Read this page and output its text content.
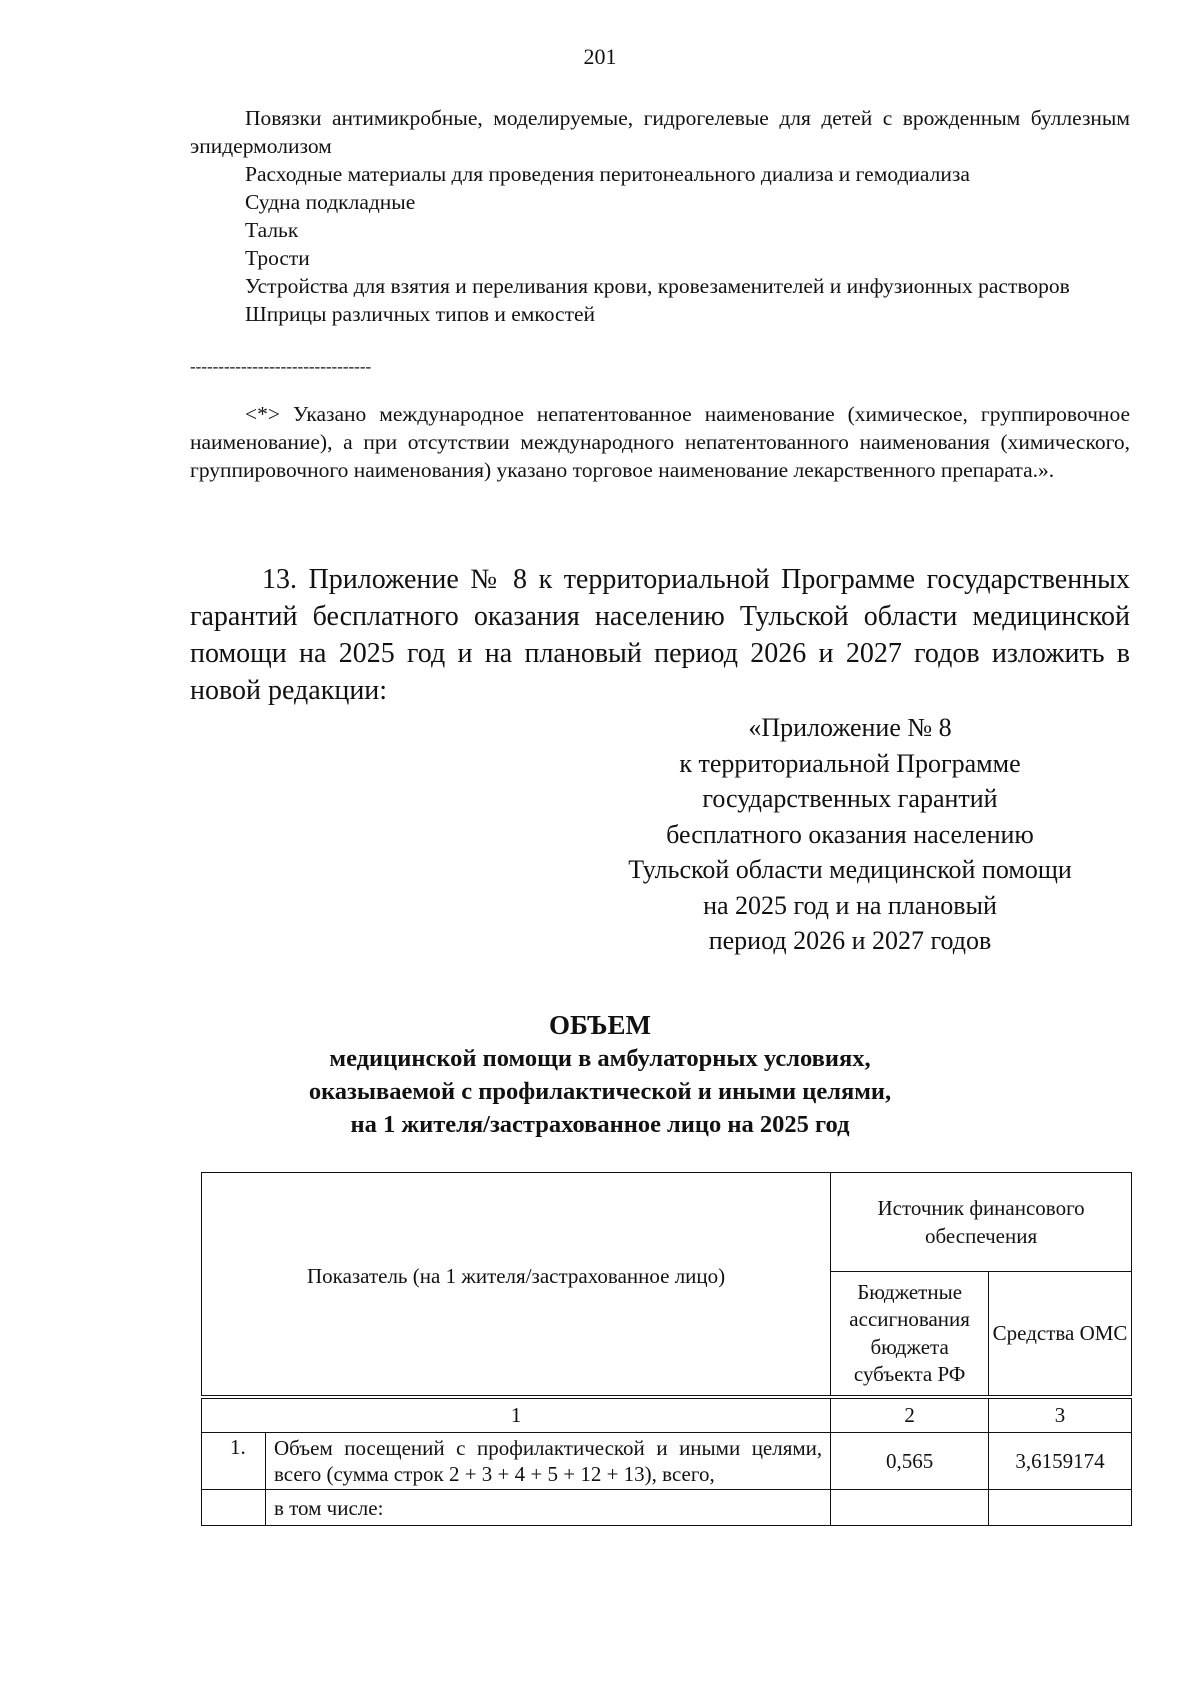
201

Повязки антимикробные, моделируемые, гидрогелевые для детей с врожденным буллезным эпидермолизом

Расходные материалы для проведения перитонеального диализа и гемодиализа

Судна подкладные

Тальк

Трости

Устройства для взятия и переливания крови, кровезаменителей и инфузионных растворов

Шприцы различных типов и емкостей

--------------------------------

<*> Указано международное непатентованное наименование (химическое, группировочное наименование), а при отсутствии международного непатентованного наименования (химического, группировочного наименования) указано торговое наименование лекарственного препарата.».

13. Приложение № 8 к территориальной Программе государственных гарантий бесплатного оказания населению Тульской области медицинской помощи на 2025 год и на плановый период 2026 и 2027 годов изложить в новой редакции:

«Приложение № 8
к территориальной Программе
государственных гарантий
бесплатного оказания населению
Тульской области медицинской помощи
на 2025 год и на плановый
период 2026 и 2027 годов
ОБЪЕМ
медицинской помощи в амбулаторных условиях,
оказываемой с профилактической и иными целями,
на 1 жителя/застрахованное лицо на 2025 год
Показатель (на 1 жителя/застрахованное лицо)		Источник финансового обеспечения	
		Бюджетные ассигнования бюджета субъекта РФ	Средства ОМС
1		2	3
1.	Объем посещений с профилактической и иными целями, всего (сумма строк 2 + 3 + 4 + 5 + 12 + 13), всего,	0,565	3,6159174
	в том числе:		
